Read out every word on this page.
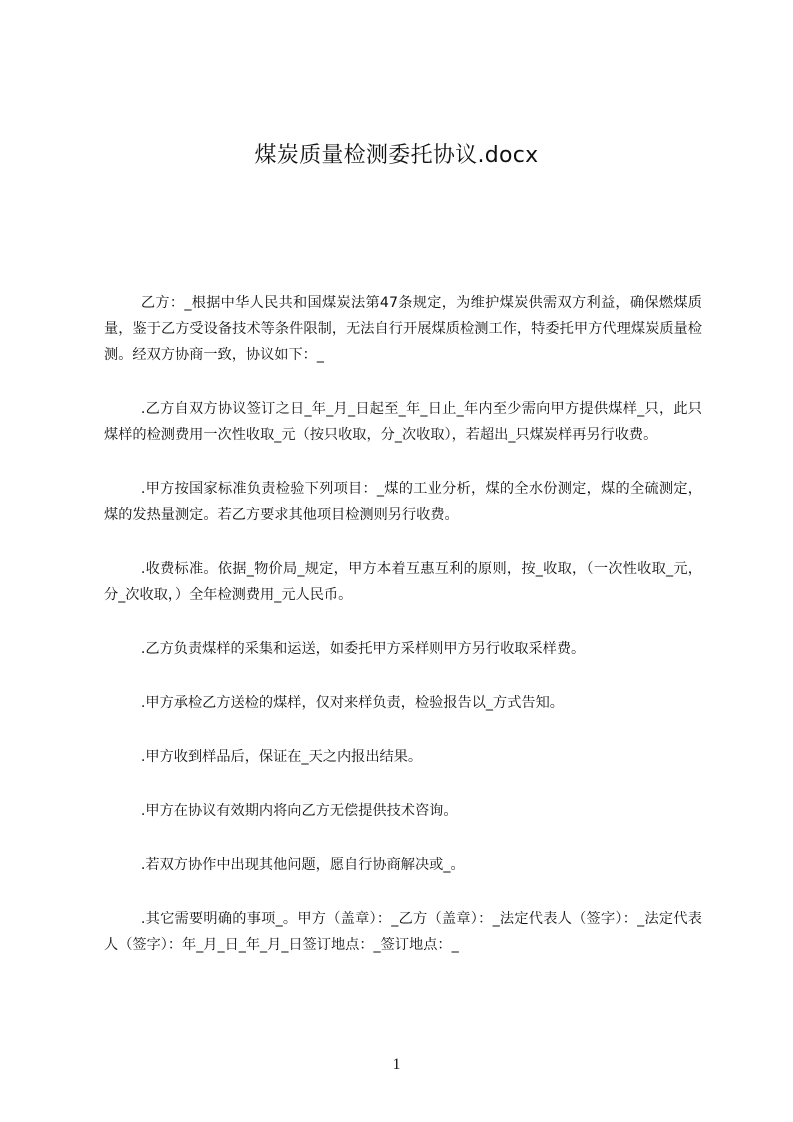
煤炭质量检测委托协议.docx

乙方：_根据中华人民共和国煤炭法第47条规定，为维护煤炭供需双方利益，确保燃煤质量，鉴于乙方受设备技术等条件限制，无法自行开展煤质检测工作，特委托甲方代理煤炭质量检测。经双方协商一致，协议如下：_

.乙方自双方协议签订之日_年_月_日起至_年_日止_年内至少需向甲方提供煤样_只，此只煤样的检测费用一次性收取_元（按只收取，分_次收取），若超出_只煤炭样再另行收费。

.甲方按国家标准负责检验下列项目：_煤的工业分析，煤的全水份测定，煤的全硫测定，煤的发热量测定。若乙方要求其他项目检测则另行收费。

.收费标准。依据_物价局_规定，甲方本着互惠互利的原则，按_收取，（一次性收取_元，分_次收取，）全年检测费用_元人民币。

.乙方负责煤样的采集和运送，如委托甲方采样则甲方另行收取采样费。

.甲方承检乙方送检的煤样，仅对来样负责，检验报告以_方式告知。

.甲方收到样品后，保证在_天之内报出结果。

.甲方在协议有效期内将向乙方无偿提供技术咨询。

.若双方协作中出现其他问题，愿自行协商解决或_。

.其它需要明确的事项_。甲方（盖章）：_乙方（盖章）：_法定代表人（签字）：_法定代表人（签字）：年_月_日_年_月_日签订地点：_签订地点：_

1
